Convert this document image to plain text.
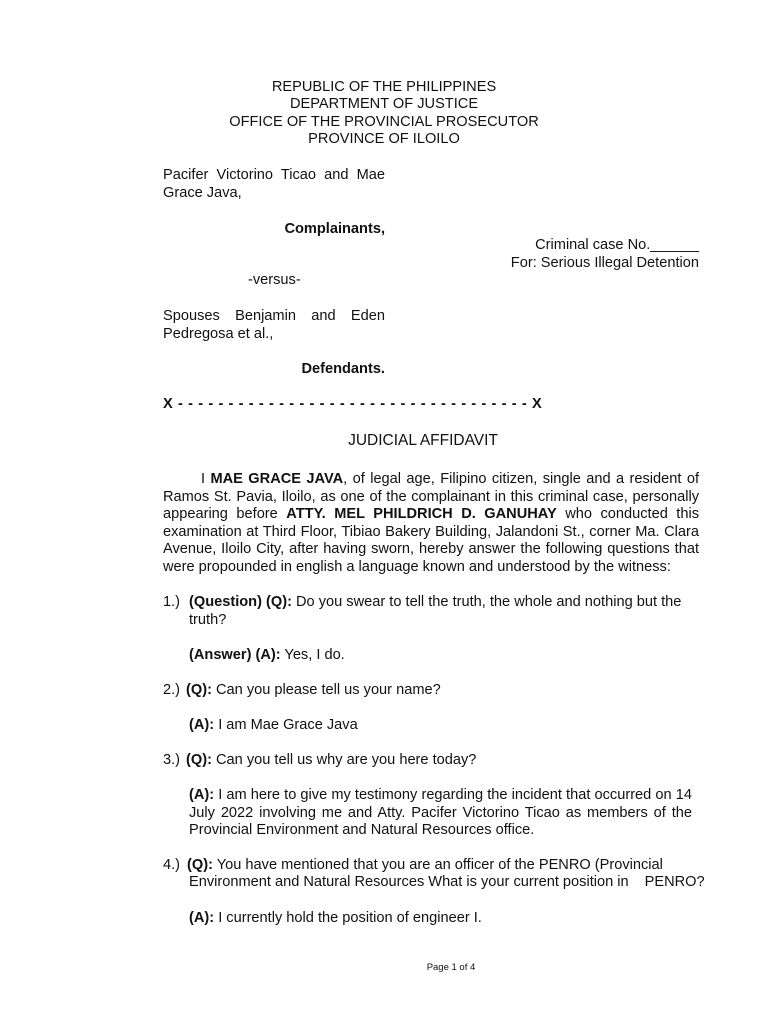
REPUBLIC OF THE PHILIPPINES
DEPARTMENT OF JUSTICE
OFFICE OF THE PROVINCIAL PROSECUTOR
PROVINCE OF ILOILO
Pacifer Victorino Ticao and Mae Grace Java,
Complainants,
Criminal case No.______
For: Serious Illegal Detention
-versus-
Spouses Benjamin and Eden Pedregosa et al.,
Defendants.
X - - - - - - - - - - - - - - - - - - - - - - - - - - - - - - - - - - - X
JUDICIAL AFFIDAVIT
I MAE GRACE JAVA, of legal age, Filipino citizen, single and a resident of Ramos St. Pavia, Iloilo, as one of the complainant in this criminal case, personally appearing before ATTY. MEL PHILDRICH D. GANUHAY who conducted this examination at Third Floor, Tibiao Bakery Building, Jalandoni St., corner Ma. Clara Avenue, Iloilo City, after having sworn, hereby answer the following questions that were propounded in english a language known and understood by the witness:
1.) (Question) (Q): Do you swear to tell the truth, the whole and nothing but the truth?
(Answer) (A): Yes, I do.
2.) (Q): Can you please tell us your name?
(A): I am Mae Grace Java
3.) (Q): Can you tell us why are you here today?
(A): I am here to give my testimony regarding the incident that occurred on 14 July 2022 involving me and Atty. Pacifer Victorino Ticao as members of the Provincial Environment and Natural Resources office.
4.) (Q): You have mentioned that you are an officer of the PENRO (Provincial
Environment and Natural Resources What is your current position in PENRO?
(A): I currently hold the position of engineer I.
Page 1 of 4
